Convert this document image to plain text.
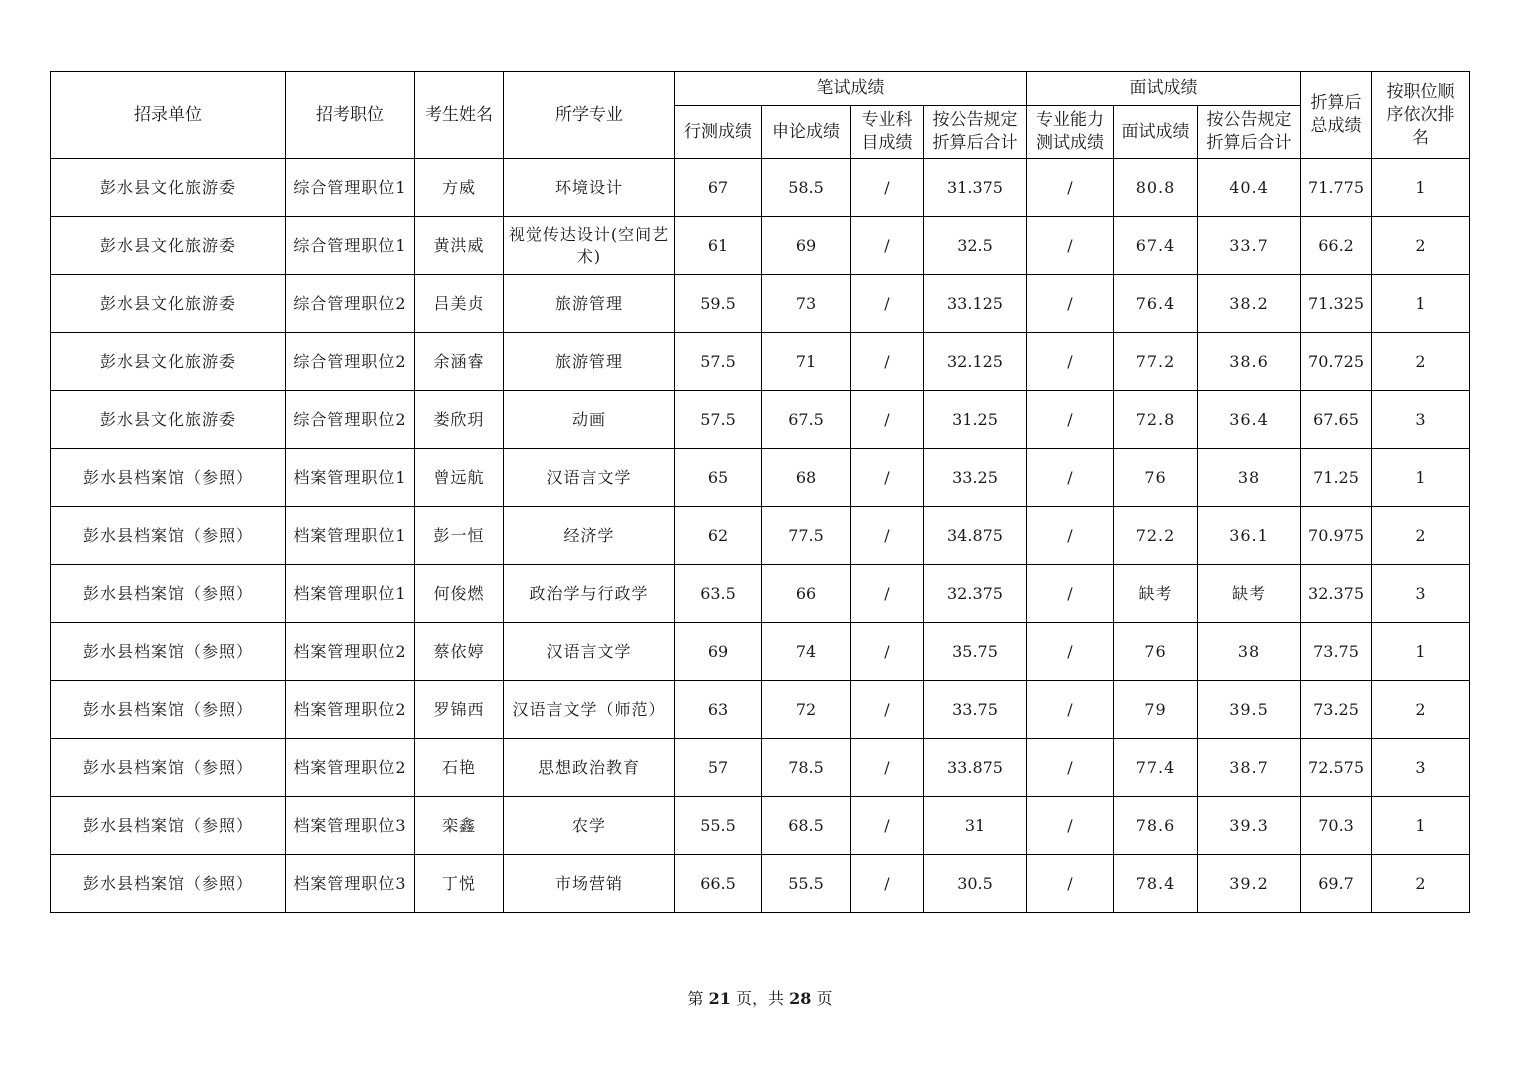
招录单位	招考职位	考生姓名	所学专业	笔试成绩				面试成绩			折算后总成绩	按职位顺序依次排名
				行测成绩	申论成绩	专业科目成绩	按公告规定折算后合计	专业能力测试成绩	面试成绩	按公告规定折算后合计		
彭水县文化旅游委	综合管理职位1	方威	环境设计	67	58.5	/	31.375	/	80.8	40.4	71.775	1
彭水县文化旅游委	综合管理职位1	黄洪威	视觉传达设计(空间艺术)	61	69	/	32.5	/	67.4	33.7	66.2	2
彭水县文化旅游委	综合管理职位2	吕美贞	旅游管理	59.5	73	/	33.125	/	76.4	38.2	71.325	1
彭水县文化旅游委	综合管理职位2	余涵睿	旅游管理	57.5	71	/	32.125	/	77.2	38.6	70.725	2
彭水县文化旅游委	综合管理职位2	娄欣玥	动画	57.5	67.5	/	31.25	/	72.8	36.4	67.65	3
彭水县档案馆（参照）	档案管理职位1	曾远航	汉语言文学	65	68	/	33.25	/	76	38	71.25	1
彭水县档案馆（参照）	档案管理职位1	彭一恒	经济学	62	77.5	/	34.875	/	72.2	36.1	70.975	2
彭水县档案馆（参照）	档案管理职位1	何俊燃	政治学与行政学	63.5	66	/	32.375	/	缺考	缺考	32.375	3
彭水县档案馆（参照）	档案管理职位2	蔡依婷	汉语言文学	69	74	/	35.75	/	76	38	73.75	1
彭水县档案馆（参照）	档案管理职位2	罗锦西	汉语言文学（师范）	63	72	/	33.75	/	79	39.5	73.25	2
彭水县档案馆（参照）	档案管理职位2	石艳	思想政治教育	57	78.5	/	33.875	/	77.4	38.7	72.575	3
彭水县档案馆（参照）	档案管理职位3	栾鑫	农学	55.5	68.5	/	31	/	78.6	39.3	70.3	1
彭水县档案馆（参照）	档案管理职位3	丁悦	市场营销	66.5	55.5	/	30.5	/	78.4	39.2	69.7	2
第 21 页，共 28 页
